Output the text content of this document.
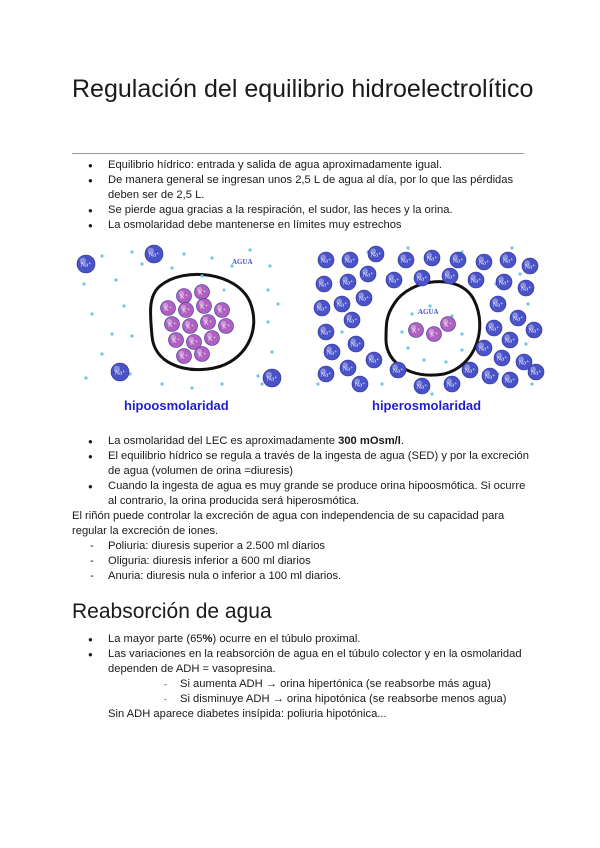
Regulación del equilibrio hidroelectrolítico
● Equilibrio hídrico: entrada y salida de agua aproximadamente igual.
● De manera general se ingresan unos 2,5 L de agua al día, por lo que las pérdidas deben ser de 2,5 L.
● Se pierde agua gracias a la respiración, el sudor, las heces y la orina.
● La osmolaridad debe mantenerse en límites muy estrechos
AGUA
Na⁺
Na⁺
Na⁺
Na⁺
K⁺
K⁺
K⁺ K⁺
K⁺
K⁺
K⁺ K⁺
K⁺
K⁺
K⁺ K⁺
K⁺
K⁺ K⁺
AGUA
Na⁺ Na⁺
Na⁺
Na⁺ Na⁺ Na⁺ Na⁺ Na⁺
Na⁺
Na⁺ Na⁺
Na⁺
Na⁺	Na⁺	Na⁺
Na⁺	Na⁺
Na⁺
Na⁺
Na⁺
Na⁺
Na⁺
Na⁺
Na⁺
Na⁺
Na⁺
Na⁺
Na⁺
Na⁺
Na⁺
Na⁺
Na⁺
Na⁺
Na⁺
Na⁺
Na⁺	Na⁺	Na⁺
Na⁺
Na⁺
Na⁺
Na⁺	Na⁺	Na⁺
K⁺
K⁺
K⁺
hipoosmolaridad	hiperosmolaridad
● La osmolaridad del LEC es aproximadamente 300 mOsm/l.
● El equilibrio hídrico se regula a través de la ingesta de agua (SED) y por la excreción de agua (volumen de orina =diuresis)
● Cuando la ingesta de agua es muy grande se produce orina hipoosmótica. Si ocurre al contrario, la orina producida será hiperosmótica.

El riñón puede controlar la excreción de agua con independencia de su capacidad para regular la excreción de iones.

- Poliuria: diuresis superior a 2.500 ml diarios
- Oliguria: diuresis inferior a 600 ml diarios
- Anuria: diuresis nula o inferior a 100 ml diarios.
Reabsorción de agua
● La mayor parte (65%) ocurre en el túbulo proximal.
● Las variaciones en la reabsorción de agua en el túbulo colector y en la osmolaridad dependen de ADH = vasopresina.
- Si aumenta ADH → orina hipertónica (se reabsorbe más agua)
- Si disminuye ADH → orina hipotónica (se reabsorbe menos agua)
Sin ADH aparece diabetes insípida: poliuria hipotónica...
